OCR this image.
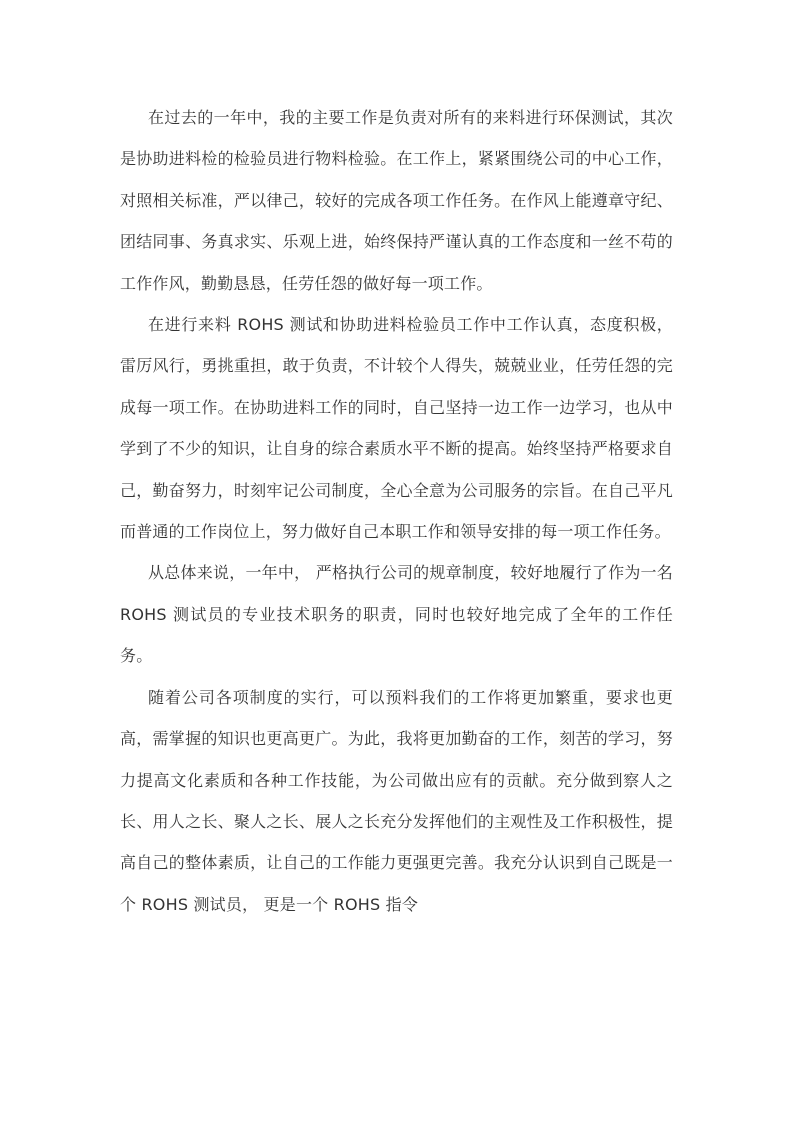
在过去的一年中，我的主要工作是负责对所有的来料进行环保测试，其次是协助进料检的检验员进行物料检验。在工作上，紧紧围绕公司的中心工作，对照相关标准，严以律己，较好的完成各项工作任务。在作风上能遵章守纪、团结同事、务真求实、乐观上进，始终保持严谨认真的工作态度和一丝不苟的工作作风，勤勤恳恳，任劳任怨的做好每一项工作。

在进行来料 ROHS 测试和协助进料检验员工作中工作认真，态度积极，雷厉风行，勇挑重担，敢于负责，不计较个人得失，兢兢业业，任劳任怨的完成每一项工作。在协助进料工作的同时，自己坚持一边工作一边学习，也从中学到了不少的知识，让自身的综合素质水平不断的提高。始终坚持严格要求自己，勤奋努力，时刻牢记公司制度，全心全意为公司服务的宗旨。在自己平凡而普通的工作岗位上，努力做好自己本职工作和领导安排的每一项工作任务。

从总体来说，一年中， 严格执行公司的规章制度，较好地履行了作为一名 ROHS 测试员的专业技术职务的职责，同时也较好地完成了全年的工作任务。

随着公司各项制度的实行，可以预料我们的工作将更加繁重，要求也更高，需掌握的知识也更高更广。为此，我将更加勤奋的工作，刻苦的学习，努力提高文化素质和各种工作技能，为公司做出应有的贡献。充分做到察人之长、用人之长、聚人之长、展人之长充分发挥他们的主观性及工作积极性，提高自己的整体素质，让自己的工作能力更强更完善。我充分认识到自己既是一个 ROHS 测试员， 更是一个 ROHS 指令
